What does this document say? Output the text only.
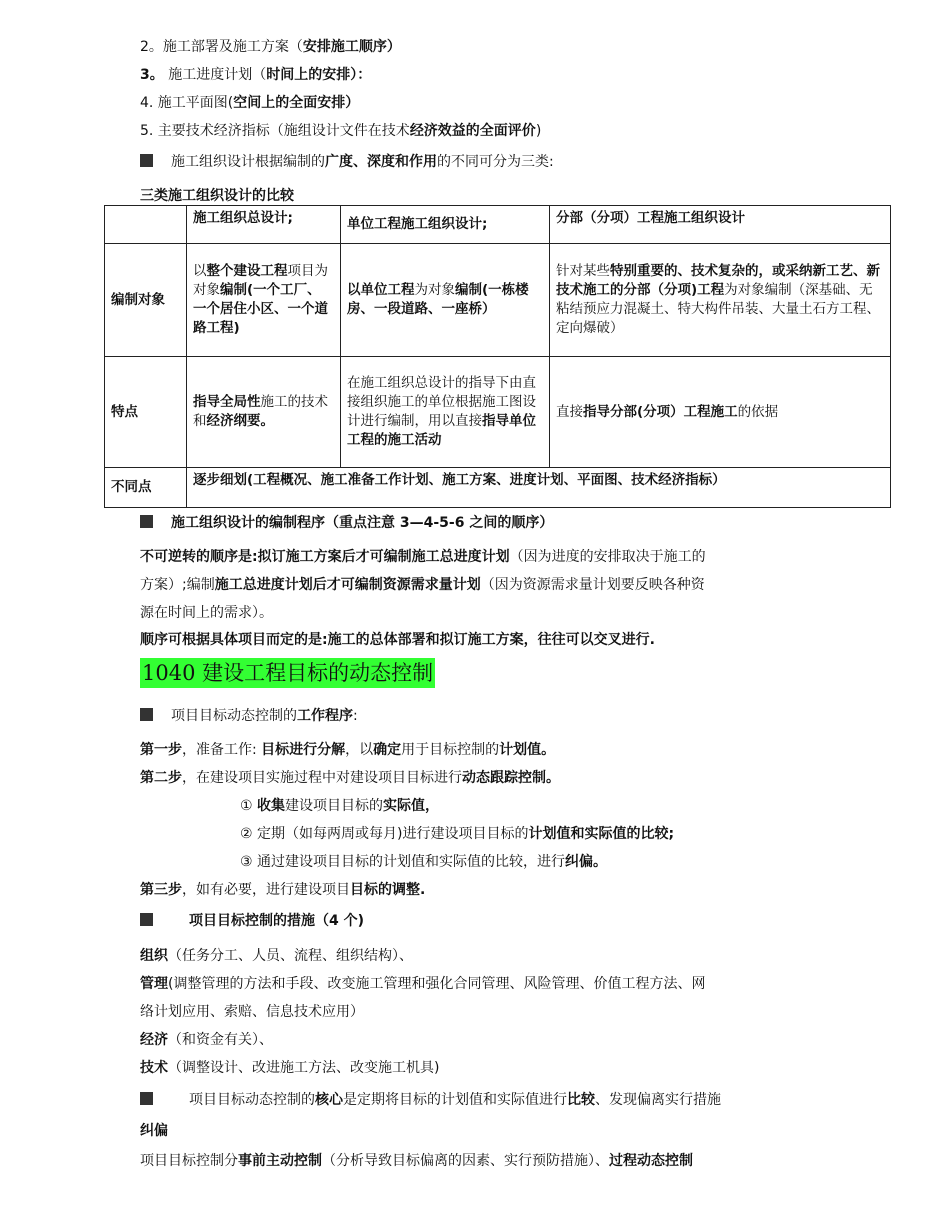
2。施工部署及施工方案（安排施工顺序）
3。 施工进度计划（时间上的安排）：
4. 施工平面图(空间上的全面安排）
5. 主要技术经济指标（施组设计文件在技术经济效益的全面评价)
施工组织设计根据编制的广度、深度和作用的不同可分为三类:
三类施工组织设计的比较
	施工组织总设计;	单位工程施工组织设计;	分部（分项）工程施工组织设计
编制对象	以整个建设工程项目为对象编制(一个工厂、一个居住小区、一个道路工程)	以单位工程为对象编制(一栋楼房、一段道路、一座桥）	针对某些特别重要的、技术复杂的，或采纳新工艺、新技术施工的分部（分项)工程为对象编制（深基础、无粘结预应力混凝土、特大构件吊装、大量土石方工程、定向爆破）
特点	指导全局性施工的技术和经济纲要。	在施工组织总设计的指导下由直接组织施工的单位根据施工图设计进行编制，用以直接指导单位工程的施工活动	直接指导分部(分项）工程施工的依据
不同点	逐步细划(工程概况、施工准备工作计划、施工方案、进度计划、平面图、技术经济指标）		
施工组织设计的编制程序（重点注意 3—4-5-6 之间的顺序）
不可逆转的顺序是:拟订施工方案后才可编制施工总进度计划（因为进度的安排取决于施工的
方案）;编制施工总进度计划后才可编制资源需求量计划（因为资源需求量计划要反映各种资
源在时间上的需求）。
顺序可根据具体项目而定的是:施工的总体部署和拟订施工方案，往往可以交叉进行.
1040 建设工程目标的动态控制
项目目标动态控制的工作程序:
第一步，准备工作: 目标进行分解，以确定用于目标控制的计划值。
第二步，在建设项目实施过程中对建设项目目标进行动态跟踪控制。
① 收集建设项目目标的实际值，
② 定期（如每两周或每月)进行建设项目目标的计划值和实际值的比较;
③ 通过建设项目目标的计划值和实际值的比较，进行纠偏。
第三步，如有必要，进行建设项目目标的调整.
项目目标控制的措施（4 个)
组织（任务分工、人员、流程、组织结构）、
管理(调整管理的方法和手段、改变施工管理和强化合同管理、风险管理、价值工程方法、网
络计划应用、索赔、信息技术应用）
经济（和资金有关）、
技术（调整设计、改进施工方法、改变施工机具)
项目目标动态控制的核心是定期将目标的计划值和实际值进行比较、发现偏离实行措施
纠偏
项目目标控制分事前主动控制（分析导致目标偏离的因素、实行预防措施）、过程动态控制
